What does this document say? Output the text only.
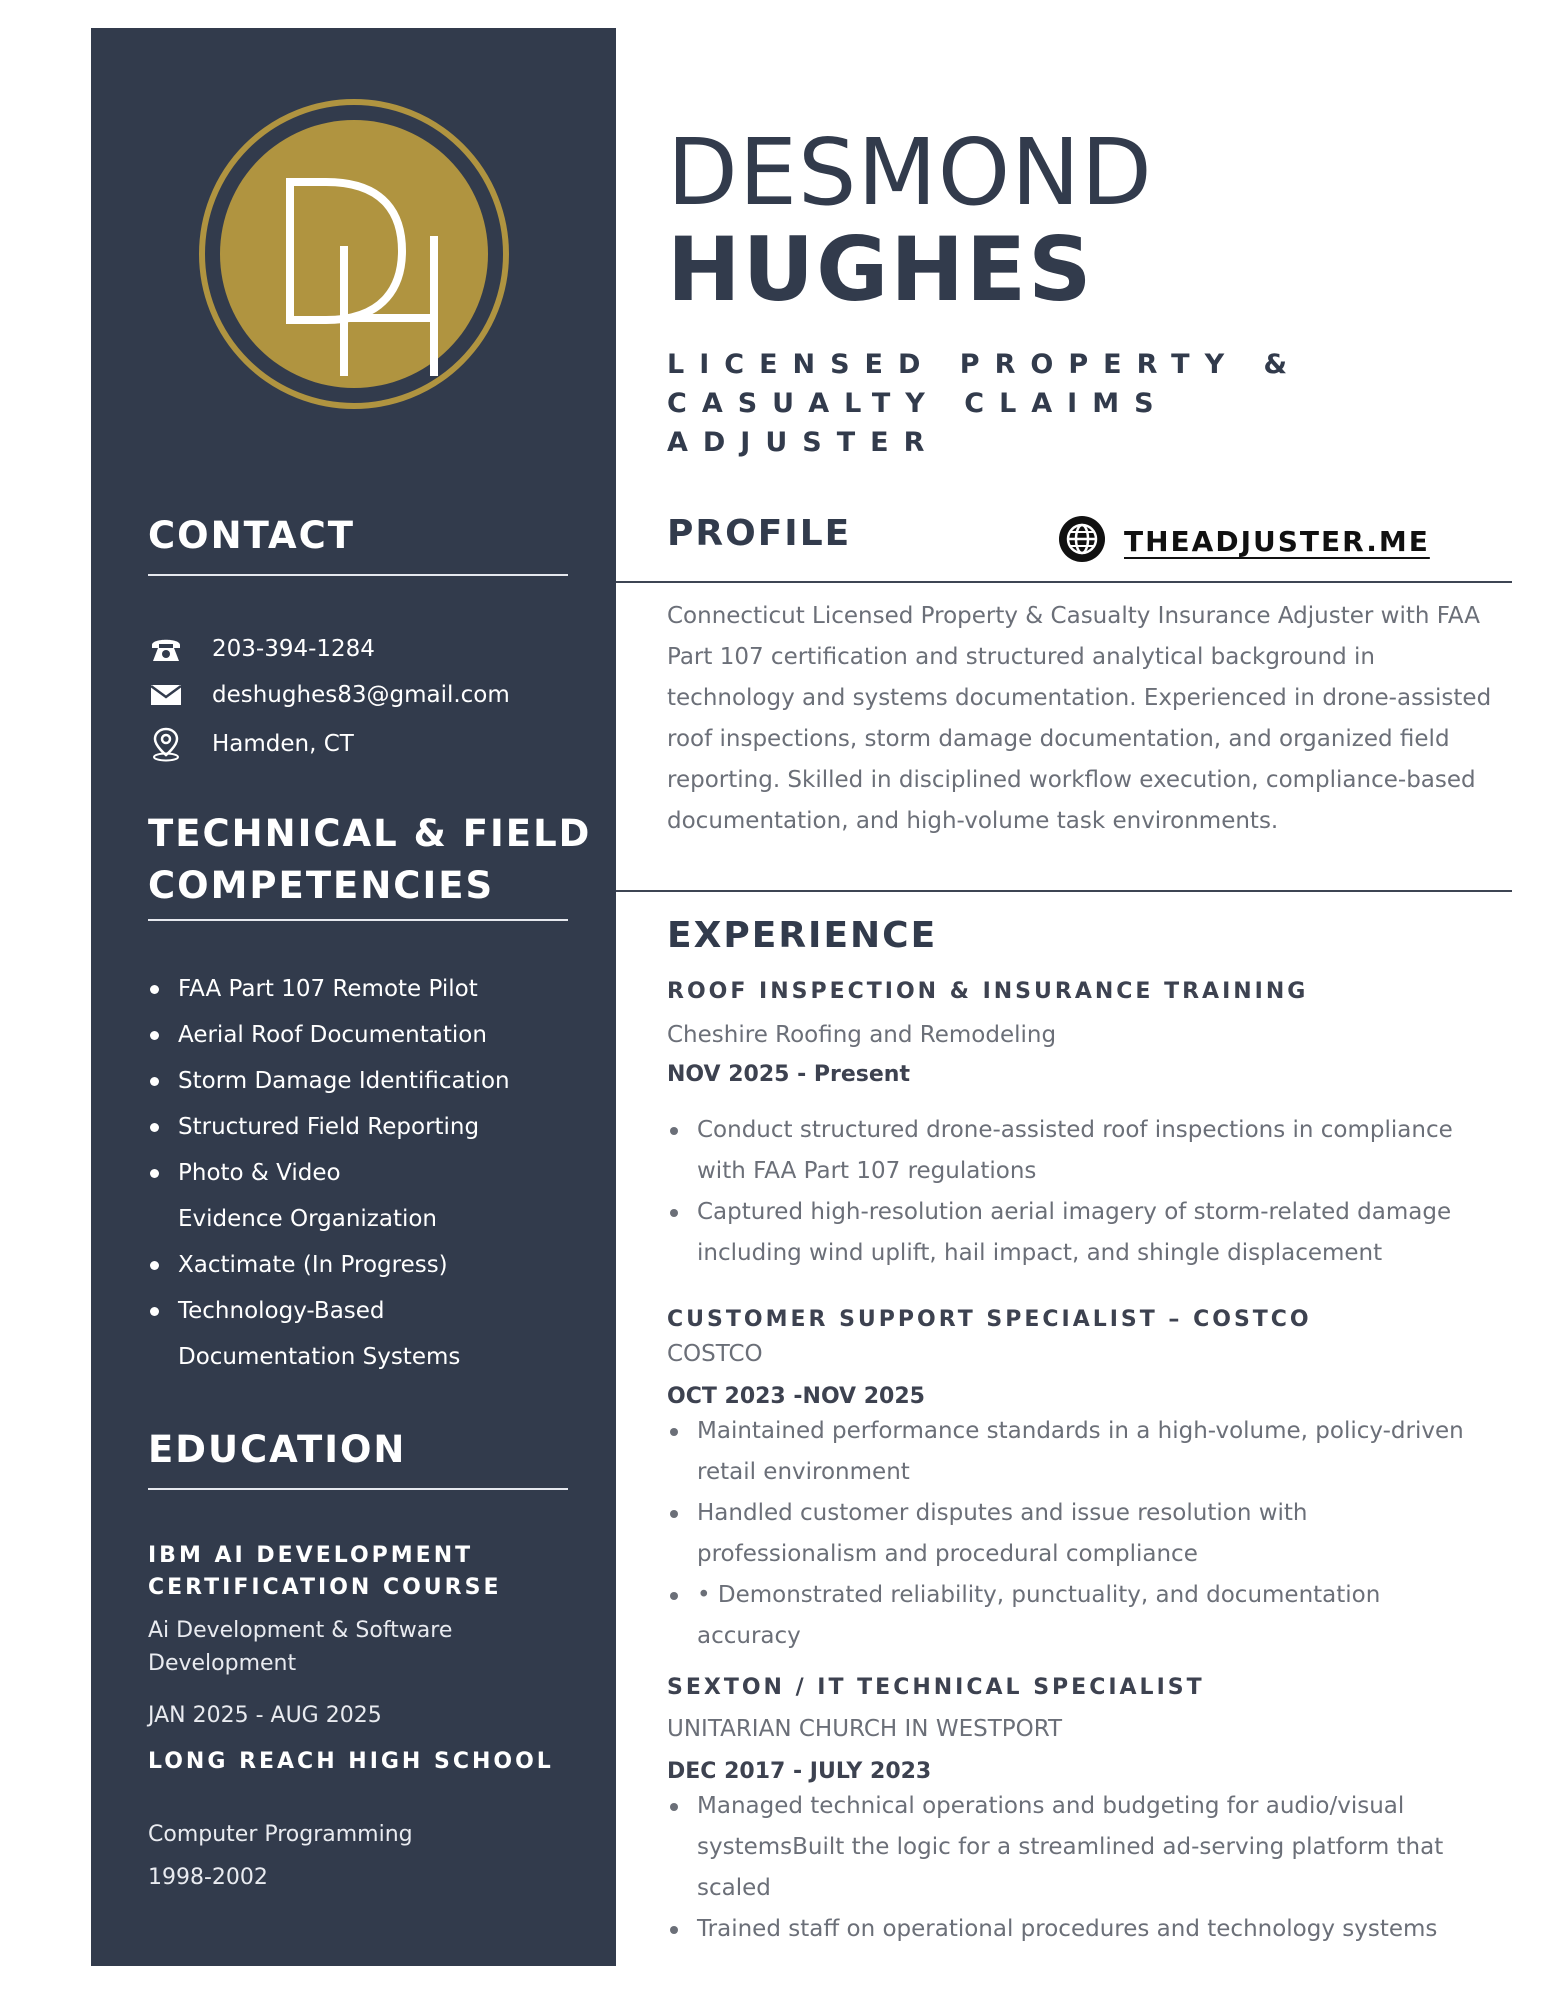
CONTACT
203-394-1284
deshughes83@gmail.com
Hamden, CT
TECHNICAL & FIELD
COMPETENCIES
FAA Part 107 Remote Pilot
Aerial Roof Documentation
Storm Damage Identification
Structured Field Reporting
Photo & Video Evidence Organization
Xactimate (In Progress)
Technology-Based Documentation Systems
EDUCATION

IBM AI DEVELOPMENT CERTIFICATION COURSE

Ai Development & Software Development

JAN 2025 - AUG 2025

LONG REACH HIGH SCHOOL

Computer Programming

1998-2002

DESMOND
HUGHES

LICENSED PROPERTY & CASUALTY CLAIMS ADJUSTER

PROFILE	THEADJUSTER.ME

Connecticut Licensed Property & Casualty Insurance Adjuster with FAA Part 107 certification and structured analytical background in technology and systems documentation. Experienced in drone-assisted roof inspections, storm damage documentation, and organized field reporting. Skilled in disciplined workflow execution, compliance-based documentation, and high-volume task environments.

EXPERIENCE

ROOF INSPECTION & INSURANCE TRAINING

Cheshire Roofing and Remodeling

NOV 2025 - Present

Conduct structured drone-assisted roof inspections in compliance with FAA Part 107 regulations
Captured high-resolution aerial imagery of storm-related damage including wind uplift, hail impact, and shingle displacement

CUSTOMER SUPPORT SPECIALIST – COSTCO

COSTCO

OCT 2023 -NOV 2025

Maintained performance standards in a high-volume, policy-driven retail environment
Handled customer disputes and issue resolution with professionalism and procedural compliance
• Demonstrated reliability, punctuality, and documentation accuracy

SEXTON / IT TECHNICAL SPECIALIST

UNITARIAN CHURCH IN WESTPORT

DEC 2017 - JULY 2023

Managed technical operations and budgeting for audio/visual systemsBuilt the logic for a streamlined ad-serving platform that scaled
Trained staff on operational procedures and technology systems
